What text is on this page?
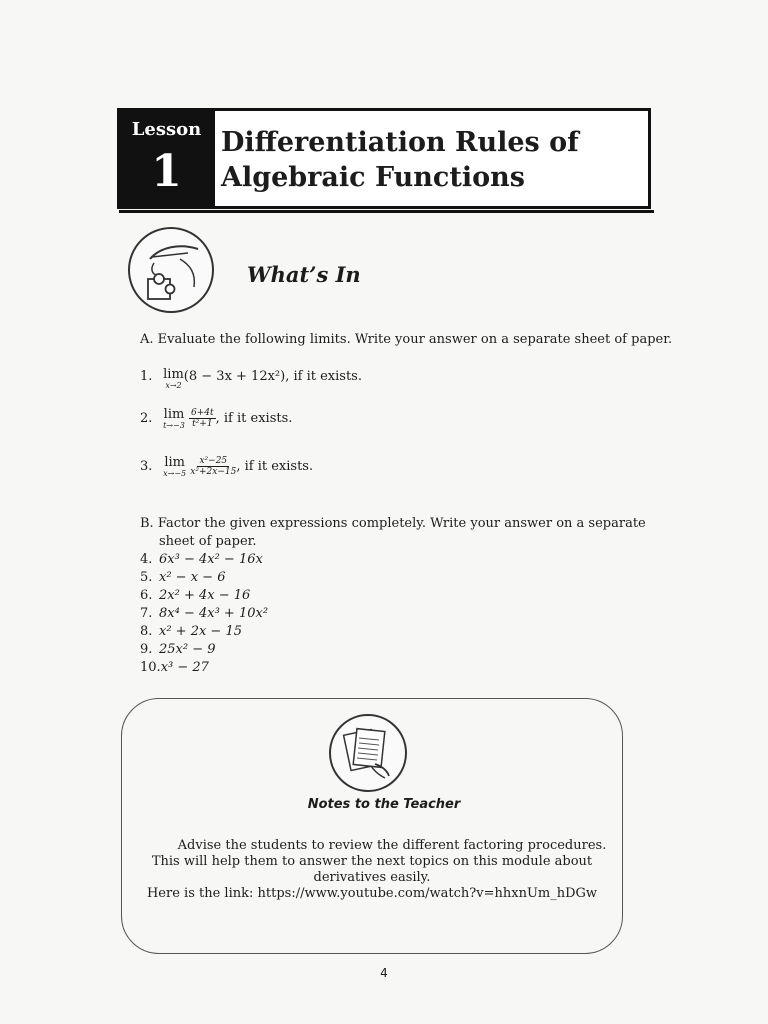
Lesson
1
Differentiation Rules of
Algebraic Functions
What’s In
A. Evaluate the following limits. Write your answer on a separate sheet of paper.
1. lim
x→2
(8 − 3x + 12x²), if it exists.
2. lim
t→−3
$\frac{6+4t}{\text{t²+1}}$ , if it exists.
3. lim
x→−5
$\frac{\text{x²−25}}{\text{x²+2x−15}}$ , if it exists.
B. Factor the given expressions completely. Write your answer on a separate
sheet of paper.
4. 6x³ − 4x² − 16x
5. x² − x − 6
6. 2x² + 4x − 16
7. 8x⁴ − 4x³ + 10x²
8. x² + 2x − 15
9. 25x² − 9
10.x³ − 27
Notes to the Teacher
Advise the students to review the different factoring procedures.
This will help them to answer the next topics on this module about
derivatives easily.
Here is the link: https://www.youtube.com/watch?v=hhxnUm_hDGw
4
